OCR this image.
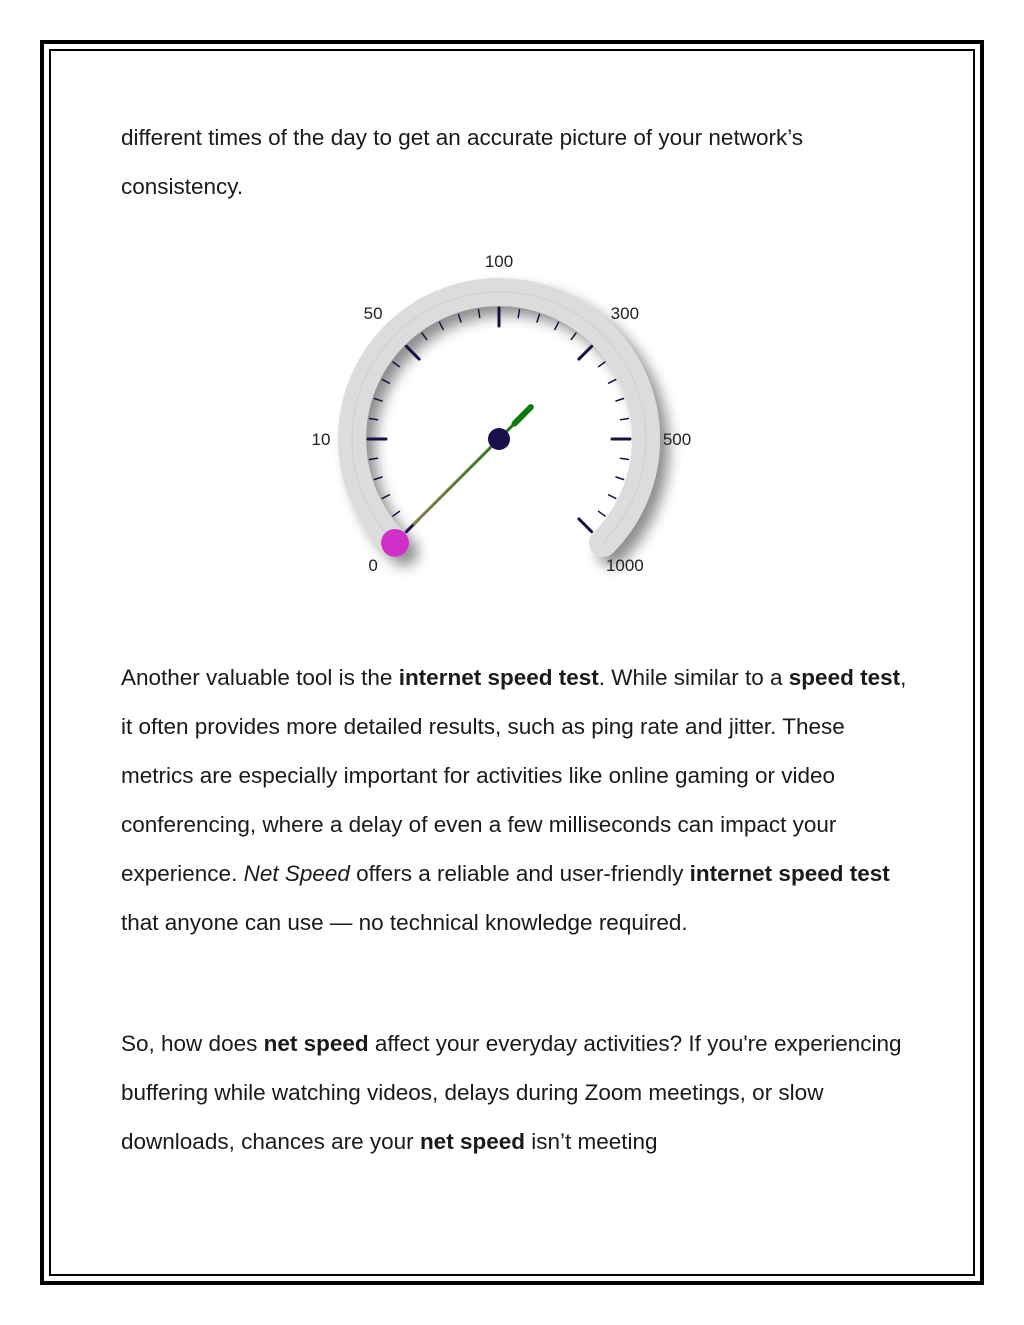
different times of the day to get an accurate picture of your network’s consistency.

0
10
50
100
300
500
1000

Another valuable tool is the internet speed test. While similar to a speed test, it often provides more detailed results, such as ping rate and jitter. These metrics are especially important for activities like online gaming or video conferencing, where a delay of even a few milliseconds can impact your experience. Net Speed offers a reliable and user-friendly internet speed test that anyone can use — no technical knowledge required.

So, how does net speed affect your everyday activities? If you're experiencing buffering while watching videos, delays during Zoom meetings, or slow downloads, chances are your net speed isn’t meeting
